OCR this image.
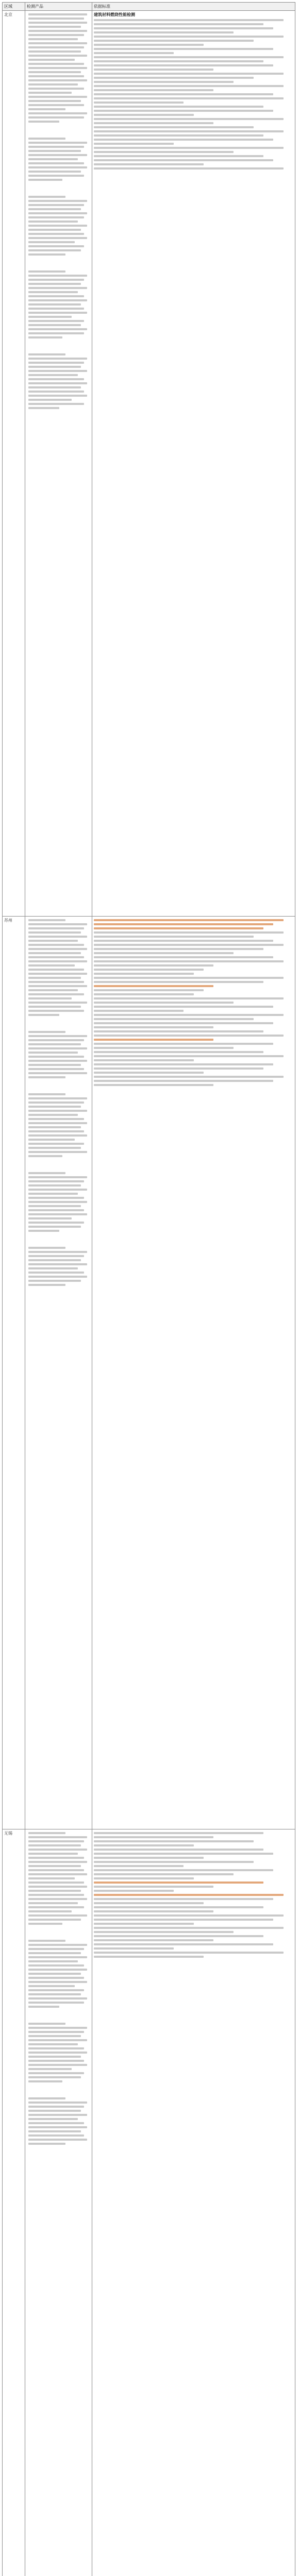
区域	检测产品	依据标准
北京		建筑材料燃烧性能检测

苏州	

无锡	
